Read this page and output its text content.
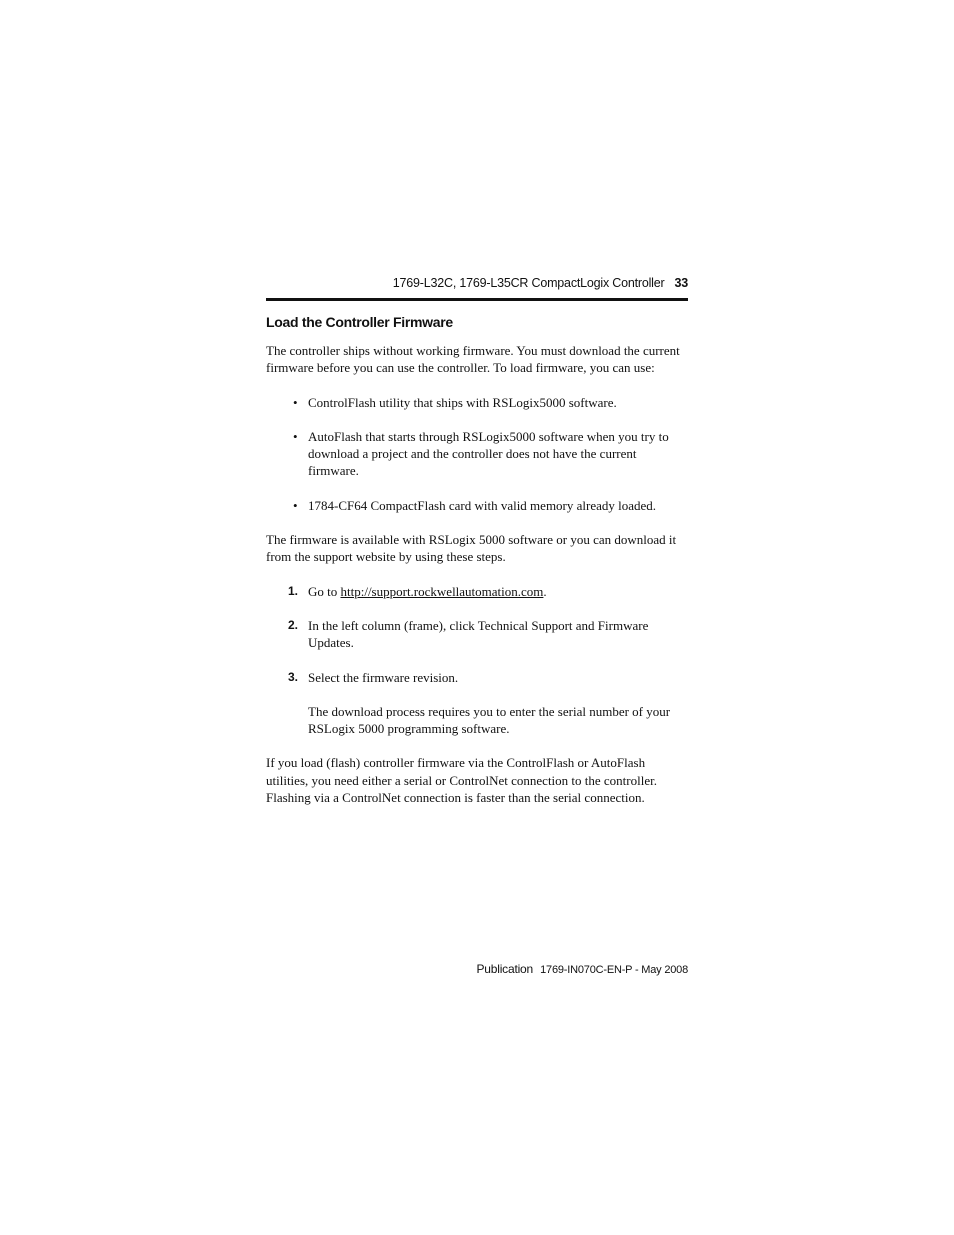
1769-L32C, 1769-L35CR CompactLogix Controller 33
Load the Controller Firmware

The controller ships without working firmware. You must download the current firmware before you can use the controller. To load firmware, you can use:

• ControlFlash utility that ships with RSLogix5000 software.
• AutoFlash that starts through RSLogix5000 software when you try to download a project and the controller does not have the current firmware.
• 1784-CF64 CompactFlash card with valid memory already loaded.

The firmware is available with RSLogix 5000 software or you can download it from the support website by using these steps.

1. Go to http://support.rockwellautomation.com.
2. In the left column (frame), click Technical Support and Firmware Updates.
3. Select the firmware revision.

The download process requires you to enter the serial number of your RSLogix 5000 programming software.

If you load (flash) controller firmware via the ControlFlash or AutoFlash utilities, you need either a serial or ControlNet connection to the controller. Flashing via a ControlNet connection is faster than the serial connection.

Publication 1769-IN070C-EN-P - May 2008
